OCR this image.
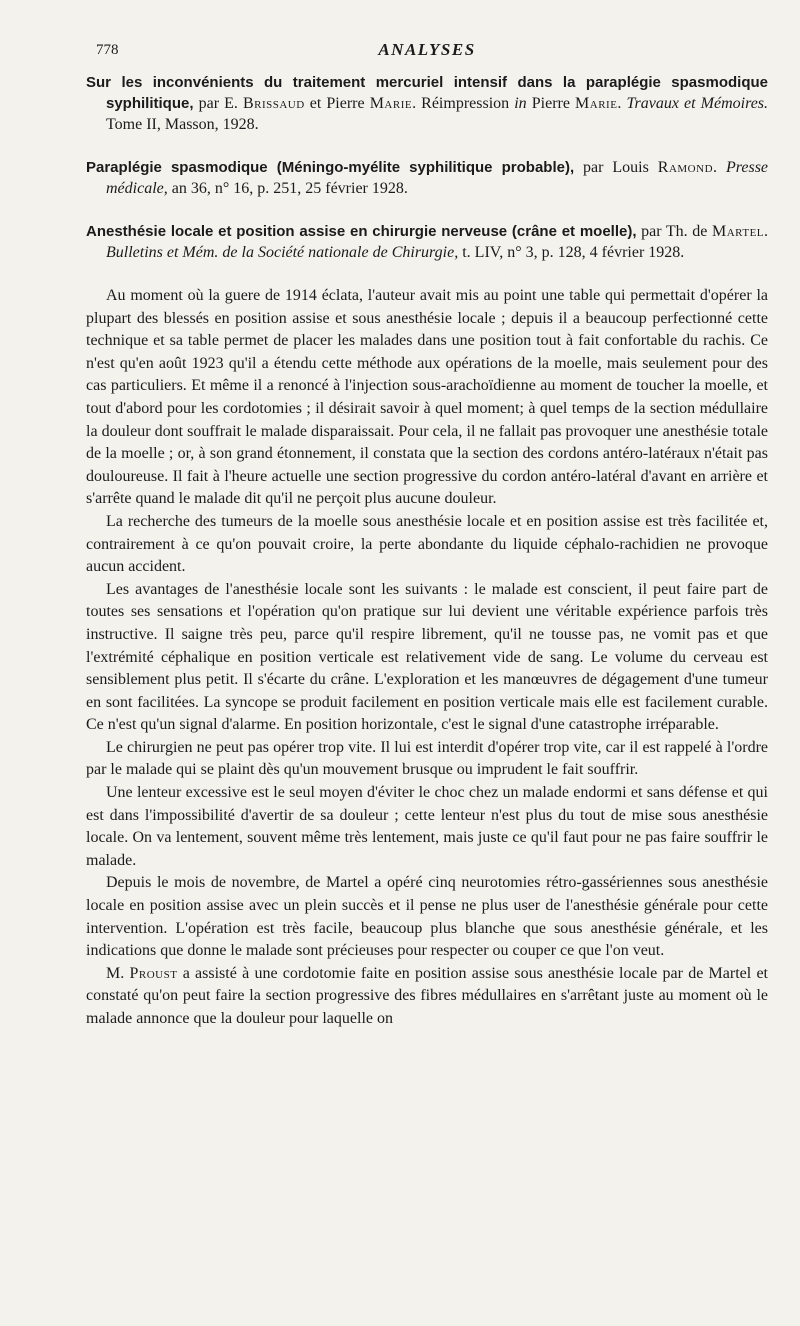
778	ANALYSES

Sur les inconvénients du traitement mercuriel intensif dans la paraplégie spasmodique syphilitique, par E. Brissaud et Pierre Marie. Réimpression in Pierre Marie. Travaux et Mémoires. Tome II, Masson, 1928.

Paraplégie spasmodique (Méningo-myélite syphilitique probable), par Louis Ramond. Presse médicale, an 36, n° 16, p. 251, 25 février 1928.

Anesthésie locale et position assise en chirurgie nerveuse (crâne et moelle), par Th. de Martel. Bulletins et Mém. de la Société nationale de Chirurgie, t. LIV, n° 3, p. 128, 4 février 1928.

Au moment où la guere de 1914 éclata, l'auteur avait mis au point une table qui permettait d'opérer la plupart des blessés en position assise et sous anesthésie locale ; depuis il a beaucoup perfectionné cette technique et sa table permet de placer les malades dans une position tout à fait confortable du rachis. Ce n'est qu'en août 1923 qu'il a étendu cette méthode aux opérations de la moelle, mais seulement pour des cas particuliers. Et même il a renoncé à l'injection sous-arachoïdienne au moment de toucher la moelle, et tout d'abord pour les cordotomies ; il désirait savoir à quel moment; à quel temps de la section médullaire la douleur dont souffrait le malade disparaissait. Pour cela, il ne fallait pas provoquer une anesthésie totale de la moelle ; or, à son grand étonnement, il constata que la section des cordons antéro-latéraux n'était pas douloureuse. Il fait à l'heure actuelle une section progressive du cordon antéro-latéral d'avant en arrière et s'arrête quand le malade dit qu'il ne perçoit plus aucune douleur.

La recherche des tumeurs de la moelle sous anesthésie locale et en position assise est très facilitée et, contrairement à ce qu'on pouvait croire, la perte abondante du liquide céphalo-rachidien ne provoque aucun accident.

Les avantages de l'anesthésie locale sont les suivants : le malade est conscient, il peut faire part de toutes ses sensations et l'opération qu'on pratique sur lui devient une véritable expérience parfois très instructive. Il saigne très peu, parce qu'il respire librement, qu'il ne tousse pas, ne vomit pas et que l'extrémité céphalique en position verticale est relativement vide de sang. Le volume du cerveau est sensiblement plus petit. Il s'écarte du crâne. L'exploration et les manœuvres de dégagement d'une tumeur en sont facilitées. La syncope se produit facilement en position verticale mais elle est facilement curable. Ce n'est qu'un signal d'alarme. En position horizontale, c'est le signal d'une catastrophe irréparable.

Le chirurgien ne peut pas opérer trop vite. Il lui est interdit d'opérer trop vite, car il est rappelé à l'ordre par le malade qui se plaint dès qu'un mouvement brusque ou imprudent le fait souffrir.

Une lenteur excessive est le seul moyen d'éviter le choc chez un malade endormi et sans défense et qui est dans l'impossibilité d'avertir de sa douleur ; cette lenteur n'est plus du tout de mise sous anesthésie locale. On va lentement, souvent même très lentement, mais juste ce qu'il faut pour ne pas faire souffrir le malade.

Depuis le mois de novembre, de Martel a opéré cinq neurotomies rétro-gassériennes sous anesthésie locale en position assise avec un plein succès et il pense ne plus user de l'anesthésie générale pour cette intervention. L'opération est très facile, beaucoup plus blanche que sous anesthésie générale, et les indications que donne le malade sont précieuses pour respecter ou couper ce que l'on veut.

M. Proust a assisté à une cordotomie faite en position assise sous anesthésie locale par de Martel et constaté qu'on peut faire la section progressive des fibres médullaires en s'arrêtant juste au moment où le malade annonce que la douleur pour laquelle on
